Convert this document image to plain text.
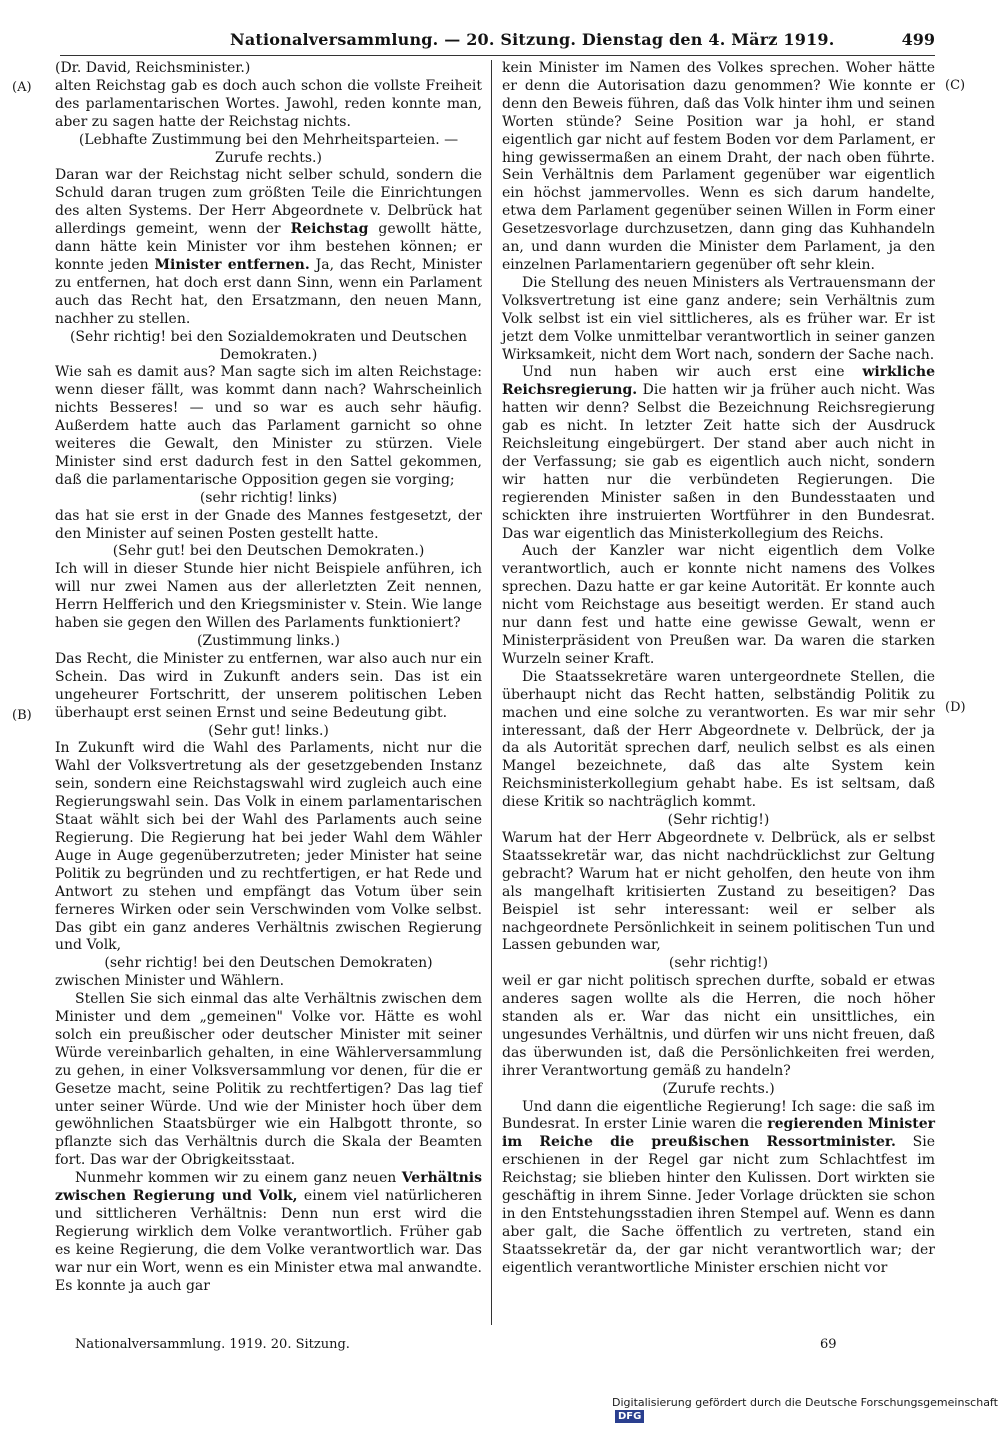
Nationalversammlung. — 20. Sitzung. Dienstag den 4. März 1919.	499
(A)
(B)
(C)
(D)

(Dr. David, Reichsminister.)

alten Reichstag gab es doch auch schon die vollste Freiheit des parlamentarischen Wortes. Jawohl, reden konnte man, aber zu sagen hatte der Reichstag nichts.

(Lebhafte Zustimmung bei den Mehrheitsparteien. — Zurufe rechts.)

Daran war der Reichstag nicht selber schuld, sondern die Schuld daran trugen zum größten Teile die Einrichtungen des alten Systems. Der Herr Abgeordnete v. Delbrück hat allerdings gemeint, wenn der Reichstag gewollt hätte, dann hätte kein Minister vor ihm bestehen können; er konnte jeden Minister entfernen. Ja, das Recht, Minister zu entfernen, hat doch erst dann Sinn, wenn ein Parlament auch das Recht hat, den Ersatzmann, den neuen Mann, nachher zu stellen.

(Sehr richtig! bei den Sozialdemokraten und Deutschen Demokraten.)

Wie sah es damit aus? Man sagte sich im alten Reichstage: wenn dieser fällt, was kommt dann nach? Wahrscheinlich nichts Besseres! — und so war es auch sehr häufig. Außerdem hatte auch das Parlament garnicht so ohne weiteres die Gewalt, den Minister zu stürzen. Viele Minister sind erst dadurch fest in den Sattel gekommen, daß die parlamentarische Opposition gegen sie vorging;

(sehr richtig! links)

das hat sie erst in der Gnade des Mannes festgesetzt, der den Minister auf seinen Posten gestellt hatte.

(Sehr gut! bei den Deutschen Demokraten.)

Ich will in dieser Stunde hier nicht Beispiele anführen, ich will nur zwei Namen aus der allerletzten Zeit nennen, Herrn Helfferich und den Kriegsminister v. Stein. Wie lange haben sie gegen den Willen des Parlaments funktioniert?

(Zustimmung links.)

Das Recht, die Minister zu entfernen, war also auch nur ein Schein. Das wird in Zukunft anders sein. Das ist ein ungeheurer Fortschritt, der unserem politischen Leben überhaupt erst seinen Ernst und seine Bedeutung gibt.

(Sehr gut! links.)

In Zukunft wird die Wahl des Parlaments, nicht nur die Wahl der Volksvertretung als der gesetzgebenden Instanz sein, sondern eine Reichstagswahl wird zugleich auch eine Regierungswahl sein. Das Volk in einem parlamentarischen Staat wählt sich bei der Wahl des Parlaments auch seine Regierung. Die Regierung hat bei jeder Wahl dem Wähler Auge in Auge gegenüberzutreten; jeder Minister hat seine Politik zu begründen und zu rechtfertigen, er hat Rede und Antwort zu stehen und empfängt das Votum über sein ferneres Wirken oder sein Verschwinden vom Volke selbst. Das gibt ein ganz anderes Verhältnis zwischen Regierung und Volk,

(sehr richtig! bei den Deutschen Demokraten)

zwischen Minister und Wählern.

Stellen Sie sich einmal das alte Verhältnis zwischen dem Minister und dem „gemeinen" Volke vor. Hätte es wohl solch ein preußischer oder deutscher Minister mit seiner Würde vereinbarlich gehalten, in eine Wählerversammlung zu gehen, in einer Volksversammlung vor denen, für die er Gesetze macht, seine Politik zu rechtfertigen? Das lag tief unter seiner Würde. Und wie der Minister hoch über dem gewöhnlichen Staatsbürger wie ein Halbgott thronte, so pflanzte sich das Verhältnis durch die Skala der Beamten fort. Das war der Obrigkeitsstaat.

Nunmehr kommen wir zu einem ganz neuen Verhältnis zwischen Regierung und Volk, einem viel natürlicheren und sittlicheren Verhältnis: Denn nun erst wird die Regierung wirklich dem Volke verantwortlich. Früher gab es keine Regierung, die dem Volke verantwortlich war. Das war nur ein Wort, wenn es ein Minister etwa mal anwandte. Es konnte ja auch gar

kein Minister im Namen des Volkes sprechen. Woher hätte er denn die Autorisation dazu genommen? Wie konnte er denn den Beweis führen, daß das Volk hinter ihm und seinen Worten stünde? Seine Position war ja hohl, er stand eigentlich gar nicht auf festem Boden vor dem Parlament, er hing gewissermaßen an einem Draht, der nach oben führte. Sein Verhältnis dem Parlament gegenüber war eigentlich ein höchst jammervolles. Wenn es sich darum handelte, etwa dem Parlament gegenüber seinen Willen in Form einer Gesetzesvorlage durchzusetzen, dann ging das Kuhhandeln an, und dann wurden die Minister dem Parlament, ja den einzelnen Parlamentariern gegenüber oft sehr klein.

Die Stellung des neuen Ministers als Vertrauensmann der Volksvertretung ist eine ganz andere; sein Verhältnis zum Volk selbst ist ein viel sittlicheres, als es früher war. Er ist jetzt dem Volke unmittelbar verantwortlich in seiner ganzen Wirksamkeit, nicht dem Wort nach, sondern der Sache nach.

Und nun haben wir auch erst eine wirkliche Reichsregierung. Die hatten wir ja früher auch nicht. Was hatten wir denn? Selbst die Bezeichnung Reichsregierung gab es nicht. In letzter Zeit hatte sich der Ausdruck Reichsleitung eingebürgert. Der stand aber auch nicht in der Verfassung; sie gab es eigentlich auch nicht, sondern wir hatten nur die verbündeten Regierungen. Die regierenden Minister saßen in den Bundesstaaten und schickten ihre instruierten Wortführer in den Bundesrat. Das war eigentlich das Ministerkollegium des Reichs.

Auch der Kanzler war nicht eigentlich dem Volke verantwortlich, auch er konnte nicht namens des Volkes sprechen. Dazu hatte er gar keine Autorität. Er konnte auch nicht vom Reichstage aus beseitigt werden. Er stand auch nur dann fest und hatte eine gewisse Gewalt, wenn er Ministerpräsident von Preußen war. Da waren die starken Wurzeln seiner Kraft.

Die Staatssekretäre waren untergeordnete Stellen, die überhaupt nicht das Recht hatten, selbständig Politik zu machen und eine solche zu verantworten. Es war mir sehr interessant, daß der Herr Abgeordnete v. Delbrück, der ja da als Autorität sprechen darf, neulich selbst es als einen Mangel bezeichnete, daß das alte System kein Reichsministerkollegium gehabt habe. Es ist seltsam, daß diese Kritik so nachträglich kommt.

(Sehr richtig!)

Warum hat der Herr Abgeordnete v. Delbrück, als er selbst Staatssekretär war, das nicht nachdrücklichst zur Geltung gebracht? Warum hat er nicht geholfen, den heute von ihm als mangelhaft kritisierten Zustand zu beseitigen? Das Beispiel ist sehr interessant: weil er selber als nachgeordnete Persönlichkeit in seinem politischen Tun und Lassen gebunden war,

(sehr richtig!)

weil er gar nicht politisch sprechen durfte, sobald er etwas anderes sagen wollte als die Herren, die noch höher standen als er. War das nicht ein unsittliches, ein ungesundes Verhältnis, und dürfen wir uns nicht freuen, daß das überwunden ist, daß die Persönlichkeiten frei werden, ihrer Verantwortung gemäß zu handeln?

(Zurufe rechts.)

Und dann die eigentliche Regierung! Ich sage: die saß im Bundesrat. In erster Linie waren die regierenden Minister im Reiche die preußischen Ressortminister. Sie erschienen in der Regel gar nicht zum Schlachtfest im Reichstag; sie blieben hinter den Kulissen. Dort wirkten sie geschäftig in ihrem Sinne. Jeder Vorlage drückten sie schon in den Entstehungsstadien ihren Stempel auf. Wenn es dann aber galt, die Sache öffentlich zu vertreten, stand ein Staatssekretär da, der gar nicht verantwortlich war; der eigentlich verantwortliche Minister erschien nicht vor

Nationalversammlung. 1919. 20. Sitzung.	69
Digitalisierung gefördert durch die Deutsche Forschungsgemeinschaft DFG
